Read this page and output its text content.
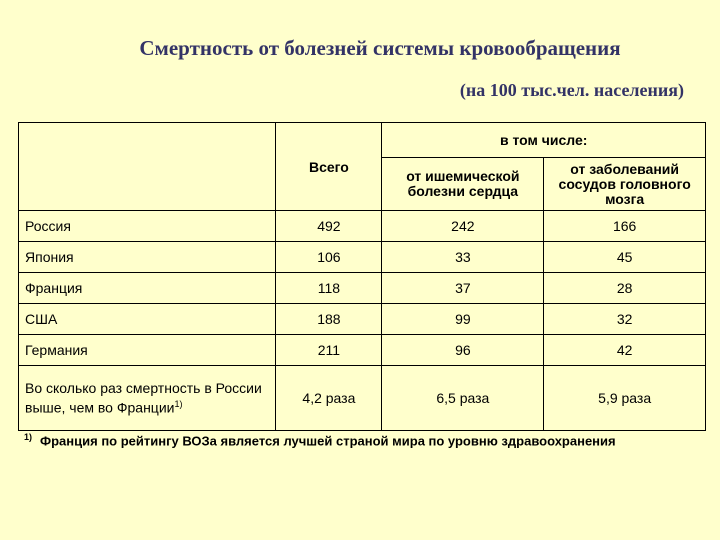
Смертность от болезней системы кровообращения
(на 100 тыс.чел. населения)
	Всего	в том числе:	
		от ишемической болезни сердца	от заболеваний сосудов головного мозга
Россия	492	242	166
Япония	106	33	45
Франция	118	37	28
США	188	99	32
Германия	211	96	42
Во сколько раз смертность в России выше, чем во Франции$^{1)}$	4,2 раза	6,5 раза	5,9 раза
$^{1)}$ Франция по рейтингу ВОЗа является лучшей страной мира по уровню здравоохранения
